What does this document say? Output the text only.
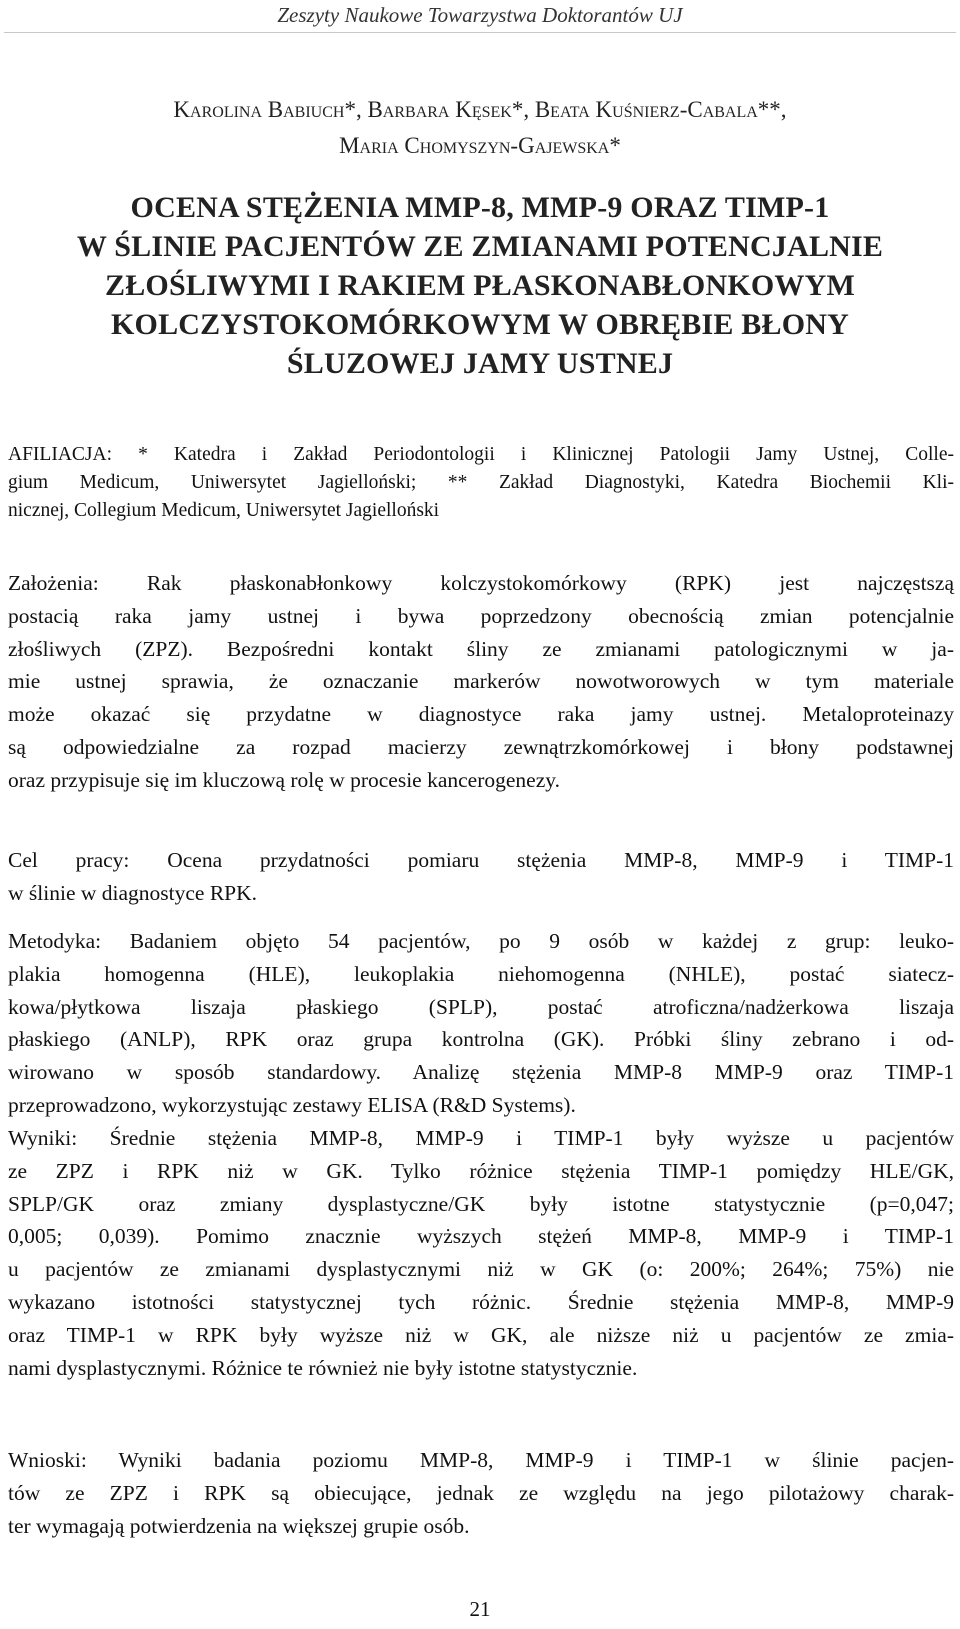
Zeszyty Naukowe Towarzystwa Doktorantów UJ
Karolina Babiuch*, Barbara Kęsek*, Beata Kuśnierz-Cabala**,
Maria Chomyszyn-Gajewska*
OCENA STĘŻENIA MMP-8, MMP-9 ORAZ TIMP-1
W ŚLINIE PACJENTÓW ZE ZMIANAMI POTENCJALNIE
ZŁOŚLIWYMI I RAKIEM PŁASKONABŁONKOWYM
KOLCZYSTOKOMÓRKOWYM W OBRĘBIE BŁONY
ŚLUZOWEJ JAMY USTNEJ
AFILIACJA: * Katedra i Zakład Periodontologii i Klinicznej Patologii Jamy Ustnej, Colle-
gium Medicum, Uniwersytet Jagielloński; ** Zakład Diagnostyki, Katedra Biochemii Kli-
nicznej, Collegium Medicum, Uniwersytet Jagielloński
Założenia: Rak płaskonabłonkowy kolczystokomórkowy (RPK) jest najczęstszą
postacią raka jamy ustnej i bywa poprzedzony obecnością zmian potencjalnie
złośliwych (ZPZ). Bezpośredni kontakt śliny ze zmianami patologicznymi w ja-
mie ustnej sprawia, że oznaczanie markerów nowotworowych w tym materiale
może okazać się przydatne w diagnostyce raka jamy ustnej. Metaloproteinazy
są odpowiedzialne za rozpad macierzy zewnątrzkomórkowej i błony podstawnej
oraz przypisuje się im kluczową rolę w procesie kancerogenezy.
Cel pracy: Ocena przydatności pomiaru stężenia MMP-8, MMP-9 i TIMP-1
w ślinie w diagnostyce RPK.
Metodyka: Badaniem objęto 54 pacjentów, po 9 osób w każdej z grup: leuko-
plakia homogenna (HLE), leukoplakia niehomogenna (NHLE), postać siatecz-
kowa/płytkowa liszaja płaskiego (SPLP), postać atroficzna/nadżerkowa liszaja
płaskiego (ANLP), RPK oraz grupa kontrolna (GK). Próbki śliny zebrano i od-
wirowano w sposób standardowy. Analizę stężenia MMP-8 MMP-9 oraz TIMP-1
przeprowadzono, wykorzystując zestawy ELISA (R&D Systems).
Wyniki: Średnie stężenia MMP-8, MMP-9 i TIMP-1 były wyższe u pacjentów
ze ZPZ i RPK niż w GK. Tylko różnice stężenia TIMP-1 pomiędzy HLE/GK,
SPLP/GK oraz zmiany dysplastyczne/GK były istotne statystycznie (p=0,047;
0,005; 0,039). Pomimo znacznie wyższych stężeń MMP-8, MMP-9 i TIMP-1
u pacjentów ze zmianami dysplastycznymi niż w GK (o: 200%; 264%; 75%) nie
wykazano istotności statystycznej tych różnic. Średnie stężenia MMP-8, MMP-9
oraz TIMP-1 w RPK były wyższe niż w GK, ale niższe niż u pacjentów ze zmia-
nami dysplastycznymi. Różnice te również nie były istotne statystycznie.
Wnioski: Wyniki badania poziomu MMP-8, MMP-9 i TIMP-1 w ślinie pacjen-
tów ze ZPZ i RPK są obiecujące, jednak ze względu na jego pilotażowy charak-
ter wymagają potwierdzenia na większej grupie osób.
21
